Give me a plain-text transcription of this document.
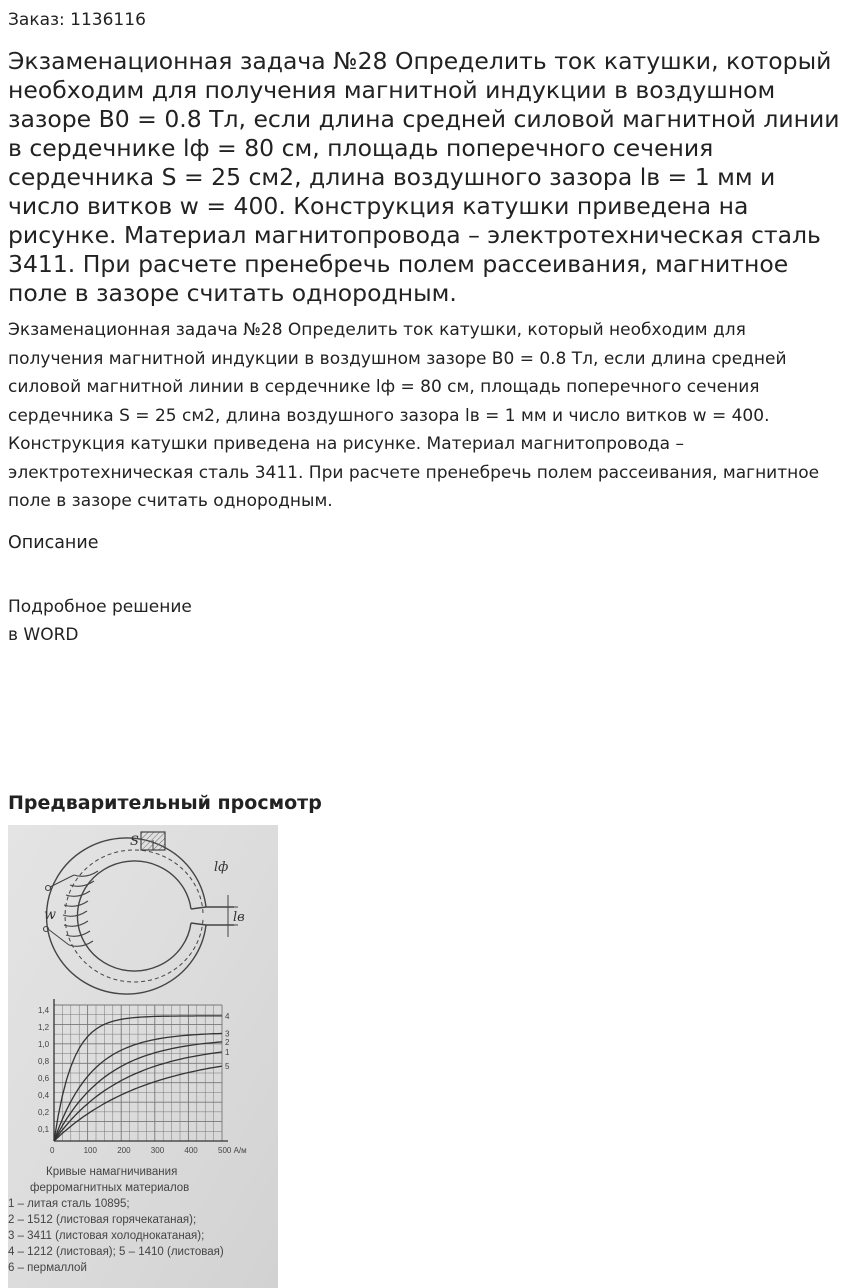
Заказ: 1136116
Экзаменационная задача №28 Определить ток катушки, который необходим для получения магнитной индукции в воздушном зазоре B0 = 0.8 Тл, если длина средней силовой магнитной линии в сердечнике lф = 80 см, площадь поперечного сечения сердечника S = 25 см2, длина воздушного зазора lв = 1 мм и число витков w = 400. Конструкция катушки приведена на рисунке. Материал магнитопровода – электротехническая сталь 3411. При расчете пренебречь полем рассеивания, магнитное поле в зазоре считать однородным.

Экзаменационная задача №28 Определить ток катушки, который необходим для получения магнитной индукции в воздушном зазоре B0 = 0.8 Тл, если длина средней силовой магнитной линии в сердечнике lф = 80 см, площадь поперечного сечения сердечника S = 25 см2, длина воздушного зазора lв = 1 мм и число витков w = 400. Конструкция катушки приведена на рисунке. Материал магнитопровода – электротехническая сталь 3411. При расчете пренебречь полем рассеивания, магнитное поле в зазоре считать однородным.

Описание
Подробное решение
в WORD
Предварительный просмотр
S
lф
w	lв
1,4
1,2
1,0
0,8
0,6
0,4
0,2
0,1
0	100	200	300	400	500 А/м
4
3
2
1
5
Кривые намагничивания
ферромагнитных материалов
1 – литая сталь 10895;
2 – 1512 (листовая горячекатаная);
3 – 3411 (листовая холоднокатаная);
4 – 1212 (листовая); 5 – 1410 (листовая)
6 – пермаллой
